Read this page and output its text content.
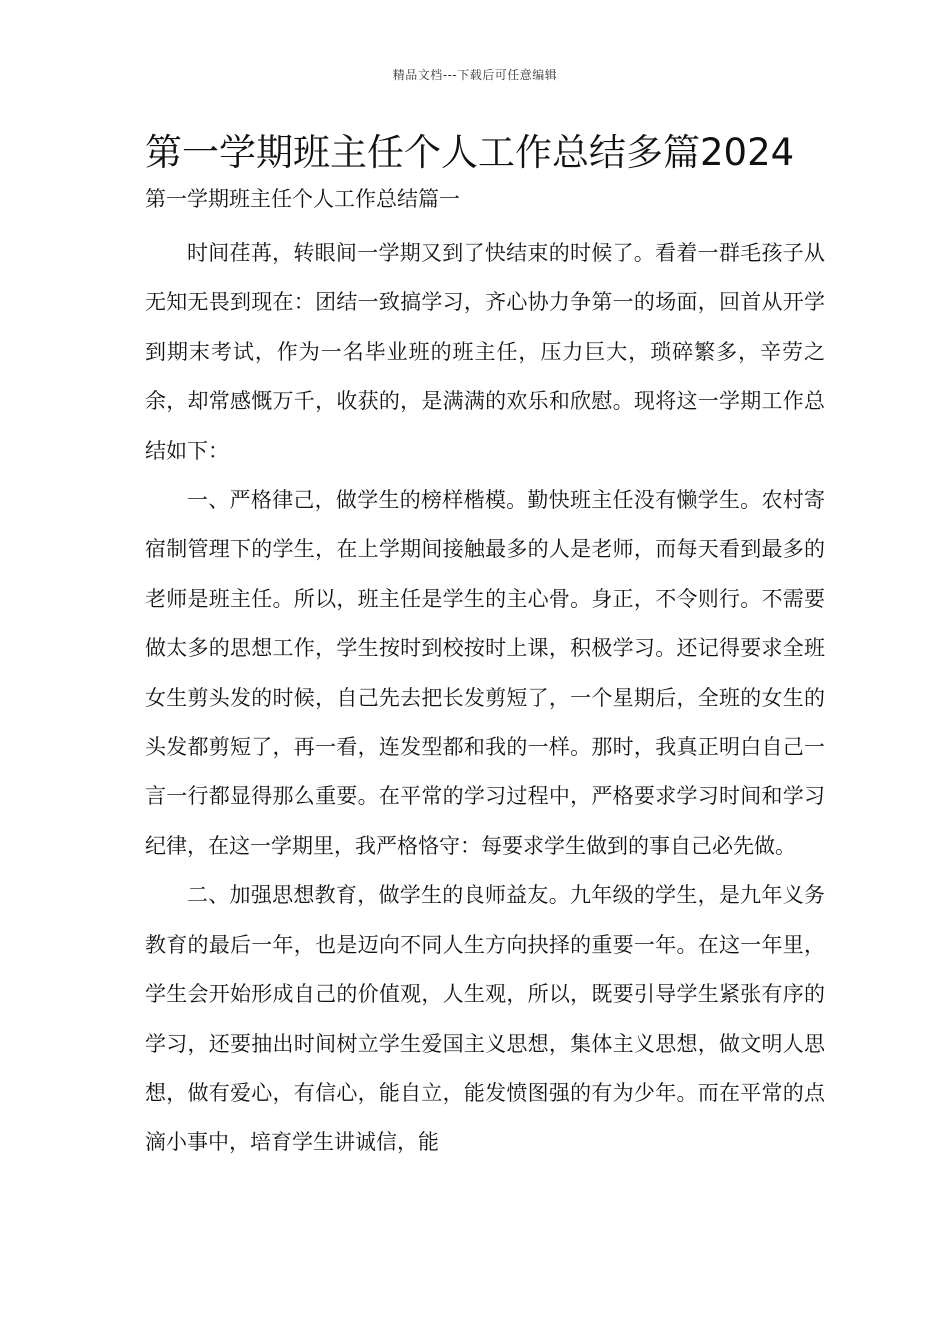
精品文档---下载后可任意编辑
第一学期班主任个人工作总结多篇2024
第一学期班主任个人工作总结篇一

时间荏苒，转眼间一学期又到了快结束的时候了。看着一群毛孩子从无知无畏到现在：团结一致搞学习，齐心协力争第一的场面，回首从开学到期末考试，作为一名毕业班的班主任，压力巨大，琐碎繁多，辛劳之余，却常感慨万千，收获的，是满满的欢乐和欣慰。现将这一学期工作总结如下：

一、严格律己，做学生的榜样楷模。勤快班主任没有懒学生。农村寄宿制管理下的学生，在上学期间接触最多的人是老师，而每天看到最多的老师是班主任。所以，班主任是学生的主心骨。身正，不令则行。不需要做太多的思想工作，学生按时到校按时上课，积极学习。还记得要求全班女生剪头发的时候，自己先去把长发剪短了，一个星期后，全班的女生的头发都剪短了，再一看，连发型都和我的一样。那时，我真正明白自己一言一行都显得那么重要。在平常的学习过程中，严格要求学习时间和学习纪律，在这一学期里，我严格恪守：每要求学生做到的事自己必先做。

二、加强思想教育，做学生的良师益友。九年级的学生，是九年义务教育的最后一年，也是迈向不同人生方向抉择的重要一年。在这一年里，学生会开始形成自己的价值观，人生观，所以，既要引导学生紧张有序的学习，还要抽出时间树立学生爱国主义思想，集体主义思想，做文明人思想，做有爱心，有信心，能自立，能发愤图强的有为少年。而在平常的点滴小事中，培育学生讲诚信，能
